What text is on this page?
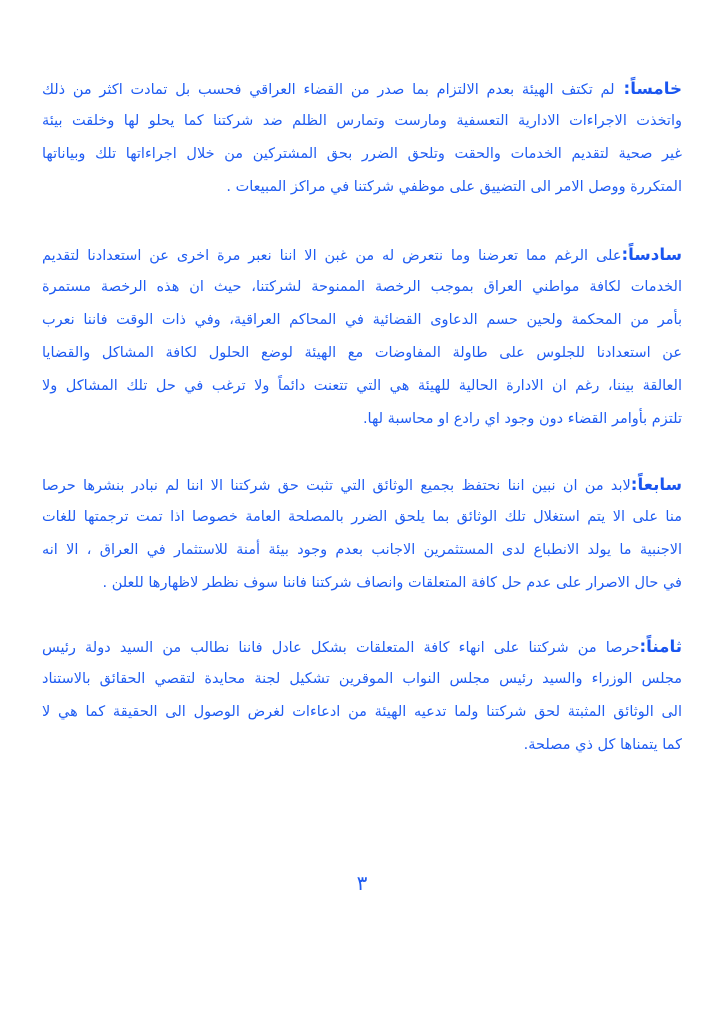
خامساً: لم تكتف الهيئة بعدم الالتزام بما صدر من القضاء العراقي فحسب بل تمادت اكثر من ذلك
واتخذت الاجراءات الادارية التعسفية ومارست وتمارس الظلم ضد شركتنا كما يحلو لها وخلقت بيئة
غير صحية لتقديم الخدمات والحقت وتلحق الضرر بحق المشتركين من خلال اجراءاتها تلك وبياناتها
المتكررة ووصل الامر الى التضييق على موظفي شركتنا في مراكز المبيعات .
سادساً:على الرغم مما تعرضنا وما نتعرض له من غبن الا اننا نعبر مرة اخرى عن استعدادنا لتقديم
الخدمات لكافة مواطني العراق بموجب الرخصة الممنوحة لشركتنا، حيث ان هذه الرخصة مستمرة
بأمر من المحكمة ولحين حسم الدعاوى القضائية في المحاكم العراقية، وفي ذات الوقت فاننا نعرب
عن استعدادنا للجلوس على طاولة المفاوضات مع الهيئة لوضع الحلول لكافة المشاكل والقضايا
العالقة بيننا، رغم ان الادارة الحالية للهيئة هي التي تتعنت دائماً ولا ترغب في حل تلك المشاكل ولا
تلتزم بأوامر القضاء دون وجود اي رادع او محاسبة لها.
سابعاً:لابد من ان نبين اننا نحتفظ بجميع الوثائق التي تثبت حق شركتنا الا اننا لم نبادر بنشرها حرصا
منا على الا يتم استغلال تلك الوثائق بما يلحق الضرر بالمصلحة العامة خصوصا اذا تمت ترجمتها للغات
الاجنبية ما يولد الانطباع لدى المستثمرين الاجانب بعدم وجود بيئة أمنة للاستثمار في العراق ، الا انه
في حال الاصرار على عدم حل كافة المتعلقات وانصاف شركتنا فاننا سوف نظطر لاظهارها للعلن .
ثامناً:حرصا من شركتنا على انهاء كافة المتعلقات بشكل عادل فاننا نطالب من السيد دولة رئيس
مجلس الوزراء والسيد رئيس مجلس النواب الموقرين تشكيل لجنة محايدة لتقصي الحقائق بالاستناد
الى الوثائق المثبتة لحق شركتنا ولما تدعيه الهيئة من ادعاءات لغرض الوصول الى الحقيقة كما هي لا
كما يتمناها كل ذي مصلحة.
٣
